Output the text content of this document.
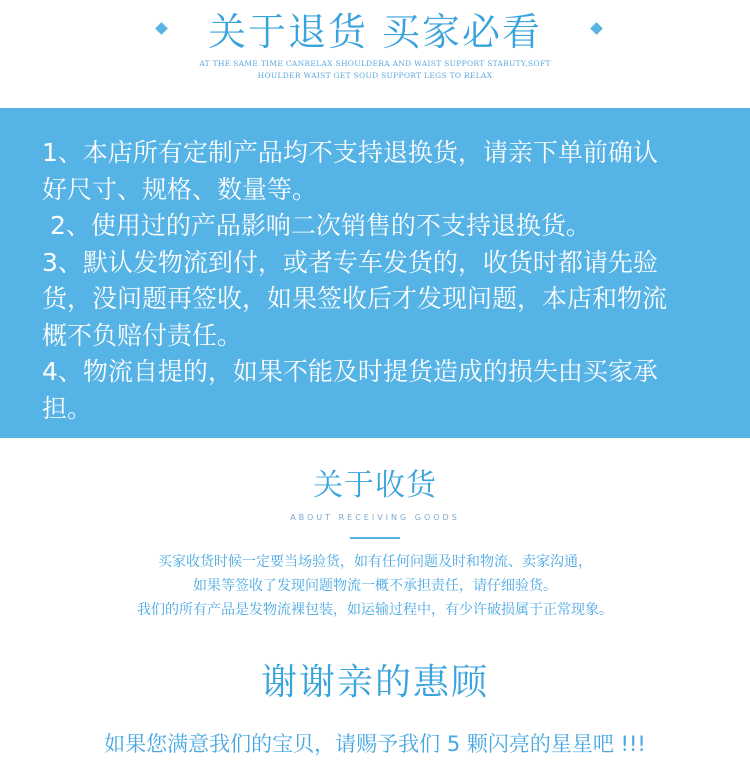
关于退货 买家必看
AT THE SAME TIME CANRELAX SHOULDERA AND WAIST SUPPORT STABUTY,SOFT
HOULDER WAIST GET SOUD SUPPORT LEGS TO RELAX

1、本店所有定制产品均不支持退换货，请亲下单前确认

好尺寸、规格、数量等。

2、使用过的产品影响二次销售的不支持退换货。

3、默认发物流到付，或者专车发货的，收货时都请先验

货，没问题再签收，如果签收后才发现问题，本店和物流

概不负赔付责任。

4、物流自提的，如果不能及时提货造成的损失由买家承

担。

关于收货
ABOUT RECEIVING GOODS

买家收货时候一定要当场验货，如有任何问题及时和物流、卖家沟通，

如果等签收了发现问题物流一概不承担责任，请仔细验货。

我们的所有产品是发物流裸包装，如运输过程中，有少许破损属于正常现象。

谢谢亲的惠顾
如果您满意我们的宝贝，请赐予我们 5 颗闪亮的星星吧 !!!
